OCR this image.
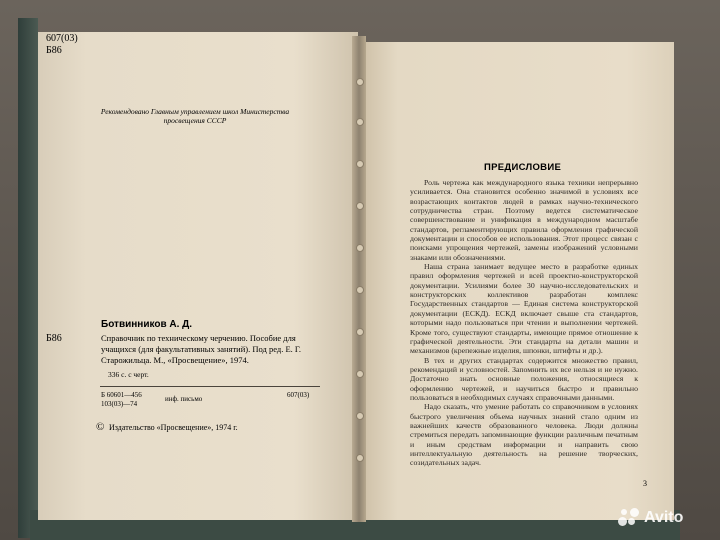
607(03)
Б86
Рекомендовано Главным управлением школ Министерства просвещения СССР
Ботвинников А. Д.
Б86	Справочник по техническому черчению. Пособие для учащихся (для факультативных занятий). Под ред. Е. Г. Старожильца. М., «Просвещение», 1974.
336 с. с черт.
Б 60601—456
103(03)—74
инф. письмо	607(03)
© Издательство «Просвещение», 1974 г.
ПРЕДИСЛОВИЕ

Роль чертежа как международного языка техники непрерывно усиливается. Она становится особенно значимой в условиях все возрастающих контактов людей в рамках научно-технического сотрудничества стран. Поэтому ведется систематическое совершенствование и унификация в международном масштабе стандартов, регламентирующих правила оформления графической документации и способов ее использования. Этот процесс связан с поисками упрощения чертежей, замены изображений условными знаками или обозначениями.

Наша страна занимает ведущее место в разработке единых правил оформления чертежей и всей проектно-конструкторской документации. Усилиями более 30 научно-исследовательских и конструкторских коллективов разработан комплекс Государственных стандартов — Единая система конструкторской документации (ЕСКД). ЕСКД включает свыше ста стандартов, которыми надо пользоваться при чтении и выполнении чертежей. Кроме того, существуют стандарты, имеющие прямое отношение к графической деятельности. Эти стандарты на детали машин и механизмов (крепежные изделия, шпонки, штифты и др.).

В тех и других стандартах содержится множество правил, рекомендаций и условностей. Запомнить их все нельзя и не нужно. Достаточно знать основные положения, относящиеся к оформлению чертежей, и научиться быстро и правильно пользоваться в необходимых случаях справочными данными.

Надо сказать, что умение работать со справочником в условиях быстрого увеличения объема научных знаний стало одним из важнейших качеств образованного человека. Люди должны стремиться передать запоминающие функции различным печатным и иным средствам информации и направить свою интеллектуальную деятельность на решение творческих, созидательных задач.

3
Avito
